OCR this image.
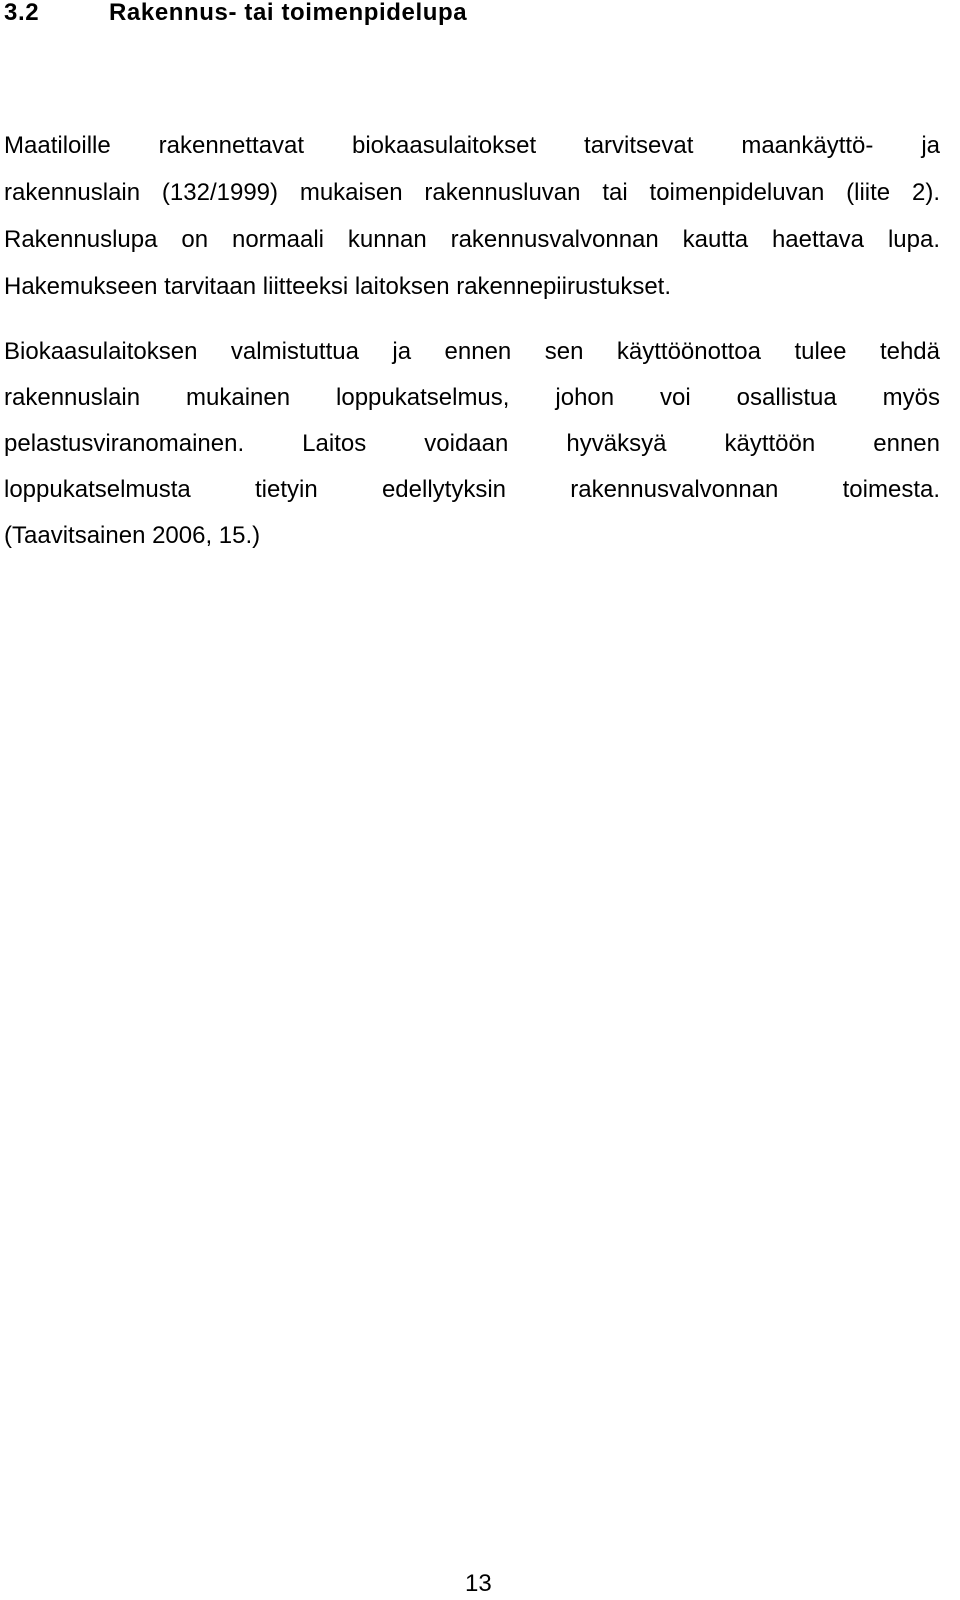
3.2	Rakennus- tai toimenpidelupa

Maatiloille rakennettavat biokaasulaitokset tarvitsevat maankäyttö- ja
rakennuslain (132/1999) mukaisen rakennusluvan tai toimenpideluvan (liite 2).
Rakennuslupa on normaali kunnan rakennusvalvonnan kautta haettava lupa.
Hakemukseen tarvitaan liitteeksi laitoksen rakennepiirustukset.

Biokaasulaitoksen valmistuttua ja ennen sen käyttöönottoa tulee tehdä
rakennuslain mukainen loppukatselmus, johon voi osallistua myös
pelastusviranomainen. Laitos voidaan hyväksyä käyttöön ennen
loppukatselmusta tietyin edellytyksin rakennusvalvonnan toimesta.
(Taavitsainen 2006, 15.)

13
